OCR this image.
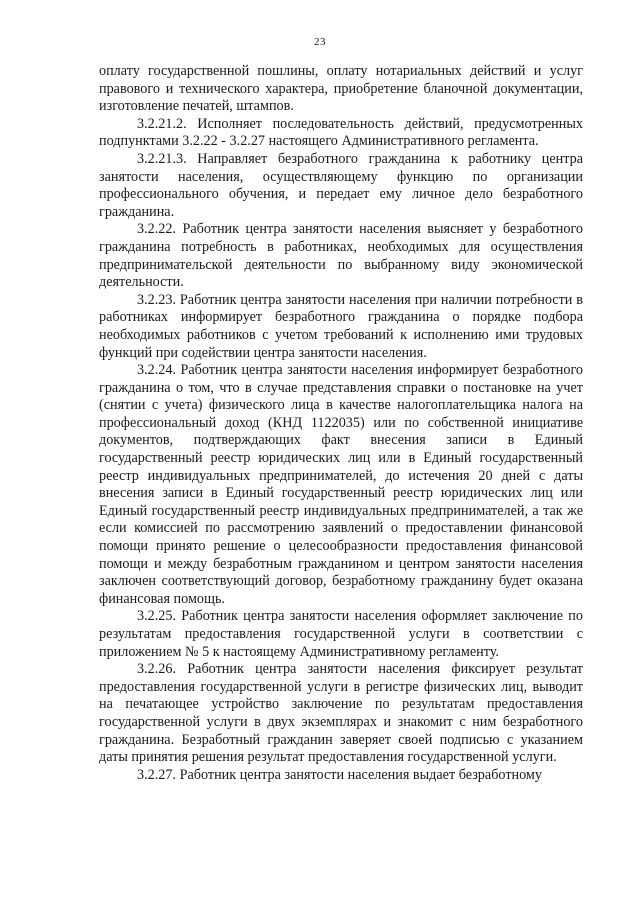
23

оплату государственной пошлины, оплату нотариальных действий и услуг правового и технического характера, приобретение бланочной документации, изготовление печатей, штампов.

3.2.21.2. Исполняет последовательность действий, предусмотренных подпунктами 3.2.22 - 3.2.27 настоящего Административного регламента.

3.2.21.3. Направляет безработного гражданина к работнику центра занятости населения, осуществляющему функцию по организации профессионального обучения, и передает ему личное дело безработного гражданина.

3.2.22. Работник центра занятости населения выясняет у безработного гражданина потребность в работниках, необходимых для осуществления предпринимательской деятельности по выбранному виду экономической деятельности.

3.2.23. Работник центра занятости населения при наличии потребности в работниках информирует безработного гражданина о порядке подбора необходимых работников с учетом требований к исполнению ими трудовых функций при содействии центра занятости населения.

3.2.24. Работник центра занятости населения информирует безработного гражданина о том, что в случае представления справки о постановке на учет (снятии с учета) физического лица в качестве налогоплательщика налога на профессиональный доход (КНД 1122035) или по собственной инициативе документов, подтверждающих факт внесения записи в Единый государственный реестр юридических лиц или в Единый государственный реестр индивидуальных предпринимателей, до истечения 20 дней с даты внесения записи в Единый государственный реестр юридических лиц или Единый государственный реестр индивидуальных предпринимателей, а так же если комиссией по рассмотрению заявлений о предоставлении финансовой помощи принято решение о целесообразности предоставления финансовой помощи и между безработным гражданином и центром занятости населения заключен соответствующий договор, безработному гражданину будет оказана финансовая помощь.

3.2.25. Работник центра занятости населения оформляет заключение по результатам предоставления государственной услуги в соответствии с приложением № 5 к настоящему Административному регламенту.

3.2.26. Работник центра занятости населения фиксирует результат предоставления государственной услуги в регистре физических лиц, выводит на печатающее устройство заключение по результатам предоставления государственной услуги в двух экземплярах и знакомит с ним безработного гражданина. Безработный гражданин заверяет своей подписью с указанием даты принятия решения результат предоставления государственной услуги.

3.2.27. Работник центра занятости населения выдает безработному
